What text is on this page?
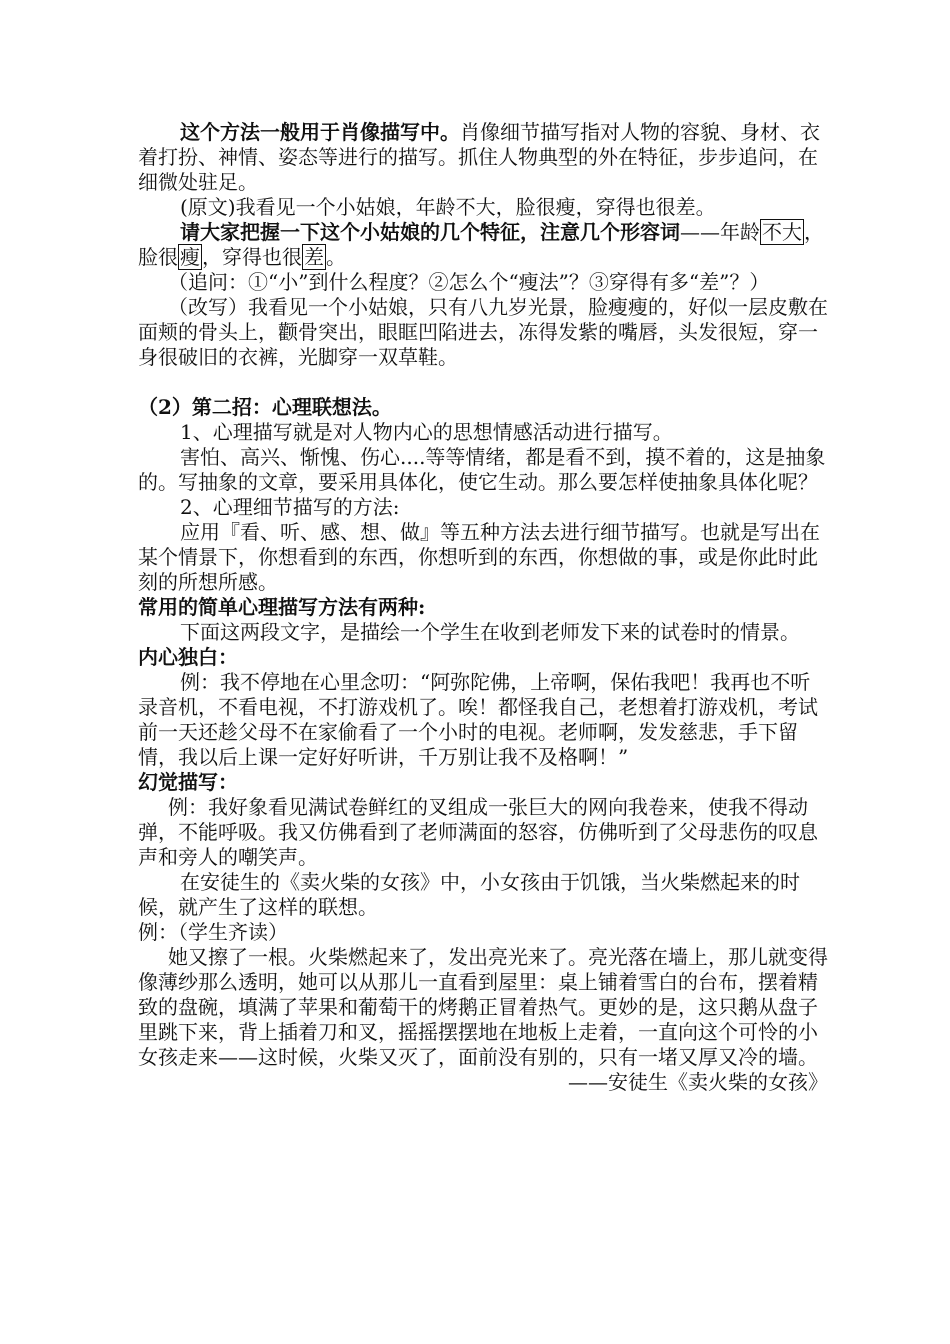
这个方法一般用于肖像描写中。肖像细节描写指对人物的容貌、身材、衣着打扮、神情、姿态等进行的描写。抓住人物典型的外在特征，步步追问，在细微处驻足。

(原文)我看见一个小姑娘，年龄不大，脸很瘦，穿得也很差。

请大家把握一下这个小姑娘的几个特征，注意几个形容词——年龄 不大 ，脸很 瘦 ，穿得也很 差 。

（追问：①“小”到什么程度？②怎么个“瘦法”？③穿得有多“差”？）

（改写）我看见一个小姑娘，只有八九岁光景，脸瘦瘦的，好似一层皮敷在面颊的骨头上，颧骨突出，眼眶凹陷进去，冻得发紫的嘴唇，头发很短，穿一身很破旧的衣裤，光脚穿一双草鞋。

（2）第二招：心理联想法。

1、心理描写就是对人物内心的思想情感活动进行描写。

害怕、高兴、惭愧、伤心....等等情绪，都是看不到，摸不着的，这是抽象的。写抽象的文章，要采用具体化，使它生动。那么要怎样使抽象具体化呢？

2、心理细节描写的方法:

应用『看、听、感、想、做』等五种方法去进行细节描写。也就是写出在某个情景下，你想看到的东西，你想听到的东西，你想做的事，或是你此时此刻的所想所感。

常用的简单心理描写方法有两种:

下面这两段文字，是描绘一个学生在收到老师发下来的试卷时的情景。

内心独白：

例：我不停地在心里念叨：“阿弥陀佛，上帝啊，保佑我吧！我再也不听录音机，不看电视，不打游戏机了。唉！都怪我自己，老想着打游戏机，考试前一天还趁父母不在家偷看了一个小时的电视。老师啊，发发慈悲，手下留情，我以后上课一定好好听讲，千万别让我不及格啊！”

幻觉描写：

例：我好象看见满试卷鲜红的叉组成一张巨大的网向我卷来，使我不得动弹，不能呼吸。我又仿佛看到了老师满面的怒容，仿佛听到了父母悲伤的叹息声和旁人的嘲笑声。

在安徒生的《卖火柴的女孩》中，小女孩由于饥饿，当火柴燃起来的时候，就产生了这样的联想。

例：（学生齐读）

她又擦了一根。火柴燃起来了，发出亮光来了。亮光落在墙上，那儿就变得像薄纱那么透明，她可以从那儿一直看到屋里：桌上铺着雪白的台布，摆着精致的盘碗，填满了苹果和葡萄干的烤鹅正冒着热气。更妙的是，这只鹅从盘子里跳下来，背上插着刀和叉，摇摇摆摆地在地板上走着，一直向这个可怜的小女孩走来——这时候，火柴又灭了，面前没有别的，只有一堵又厚又冷的墙。

——安徒生《卖火柴的女孩》
